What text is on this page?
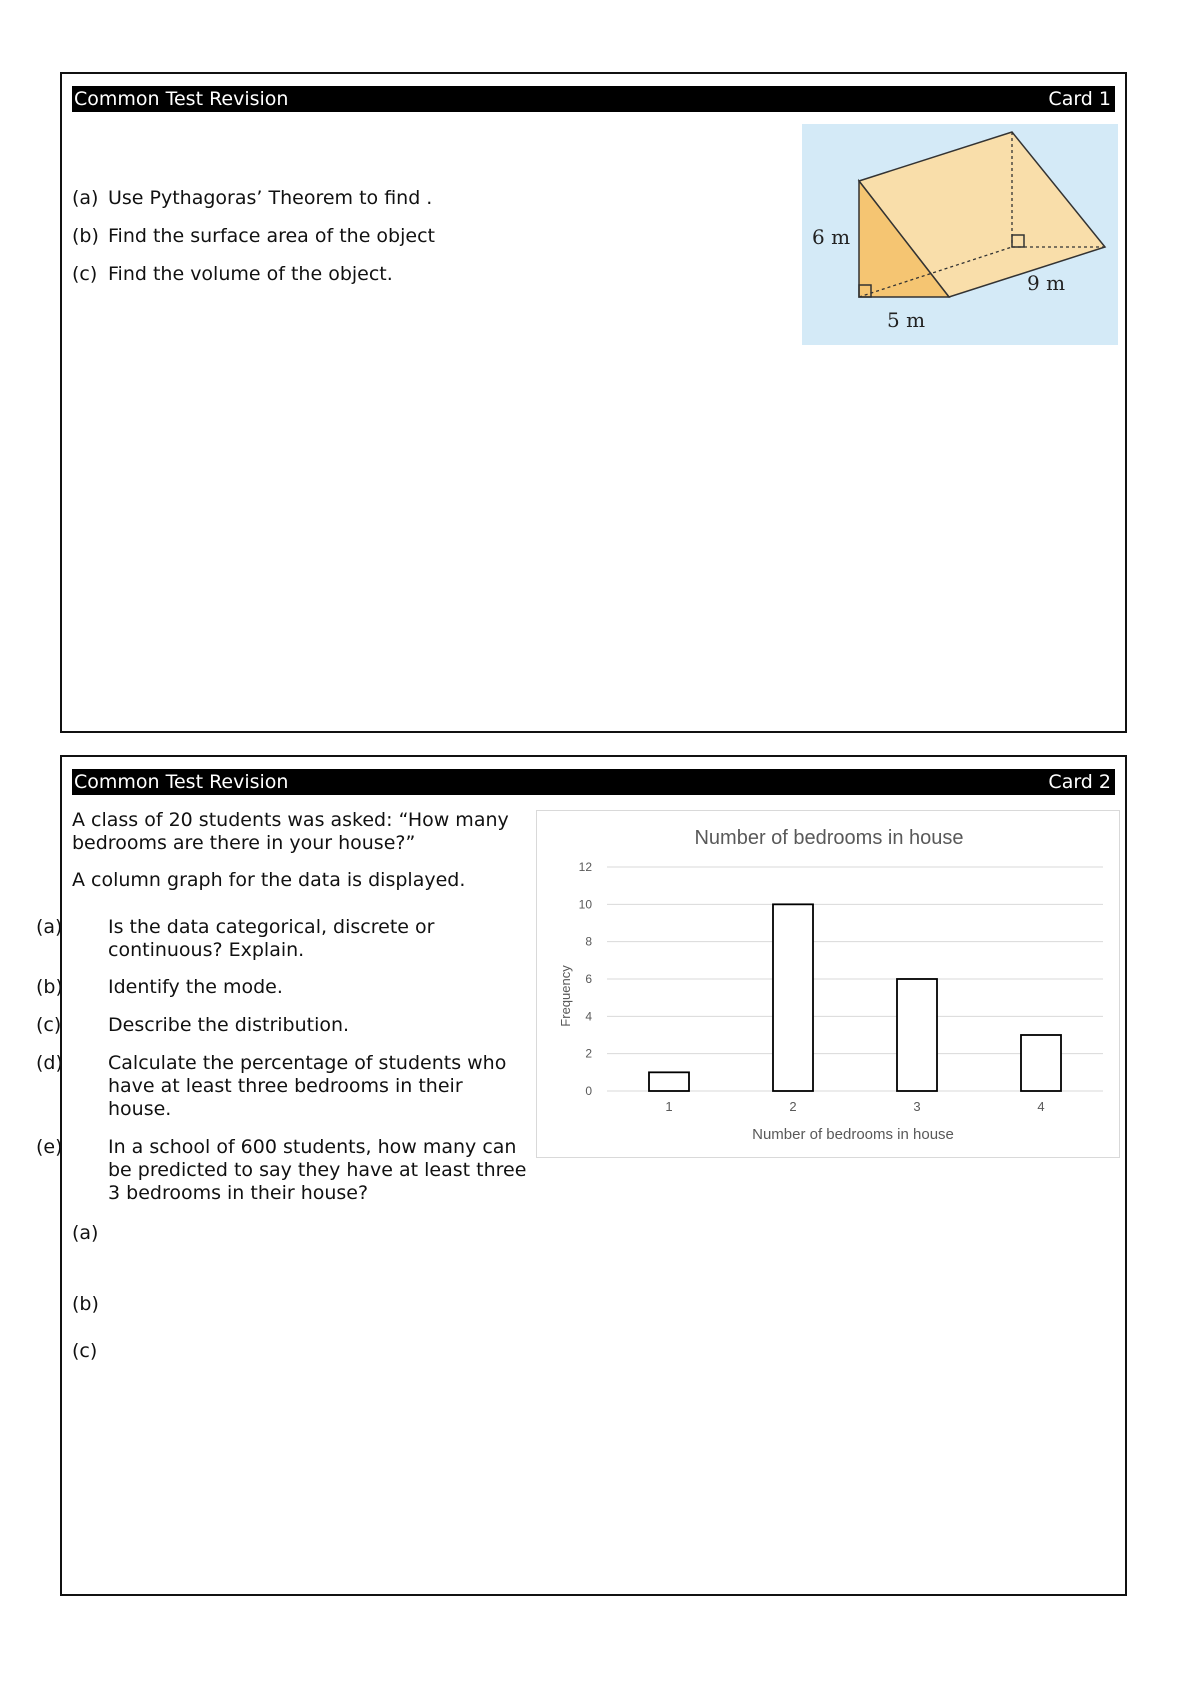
Common Test Revision	Card 1
(a) Use Pythagoras’ Theorem to find .
(b) Find the surface area of the object
(c) Find the volume of the object.
6 m
5 m
9 m
Common Test Revision	Card 2
A class of 20 students was asked: “How many bedrooms are there in your house?”
A column graph for the data is displayed.
(a) Is the data categorical, discrete or continuous? Explain.
(b) Identify the mode.
(c) Describe the distribution.
(d) Calculate the percentage of students who have at least three bedrooms in their house.
(e) In a school of 600 students, how many can be predicted to say they have at least three 3 bedrooms in their house?
(a)
(b)
(c)
Number of bedrooms in house
0
2
4
6
8
10
12
1	2	3	4
Number of bedrooms in house
Frequency
